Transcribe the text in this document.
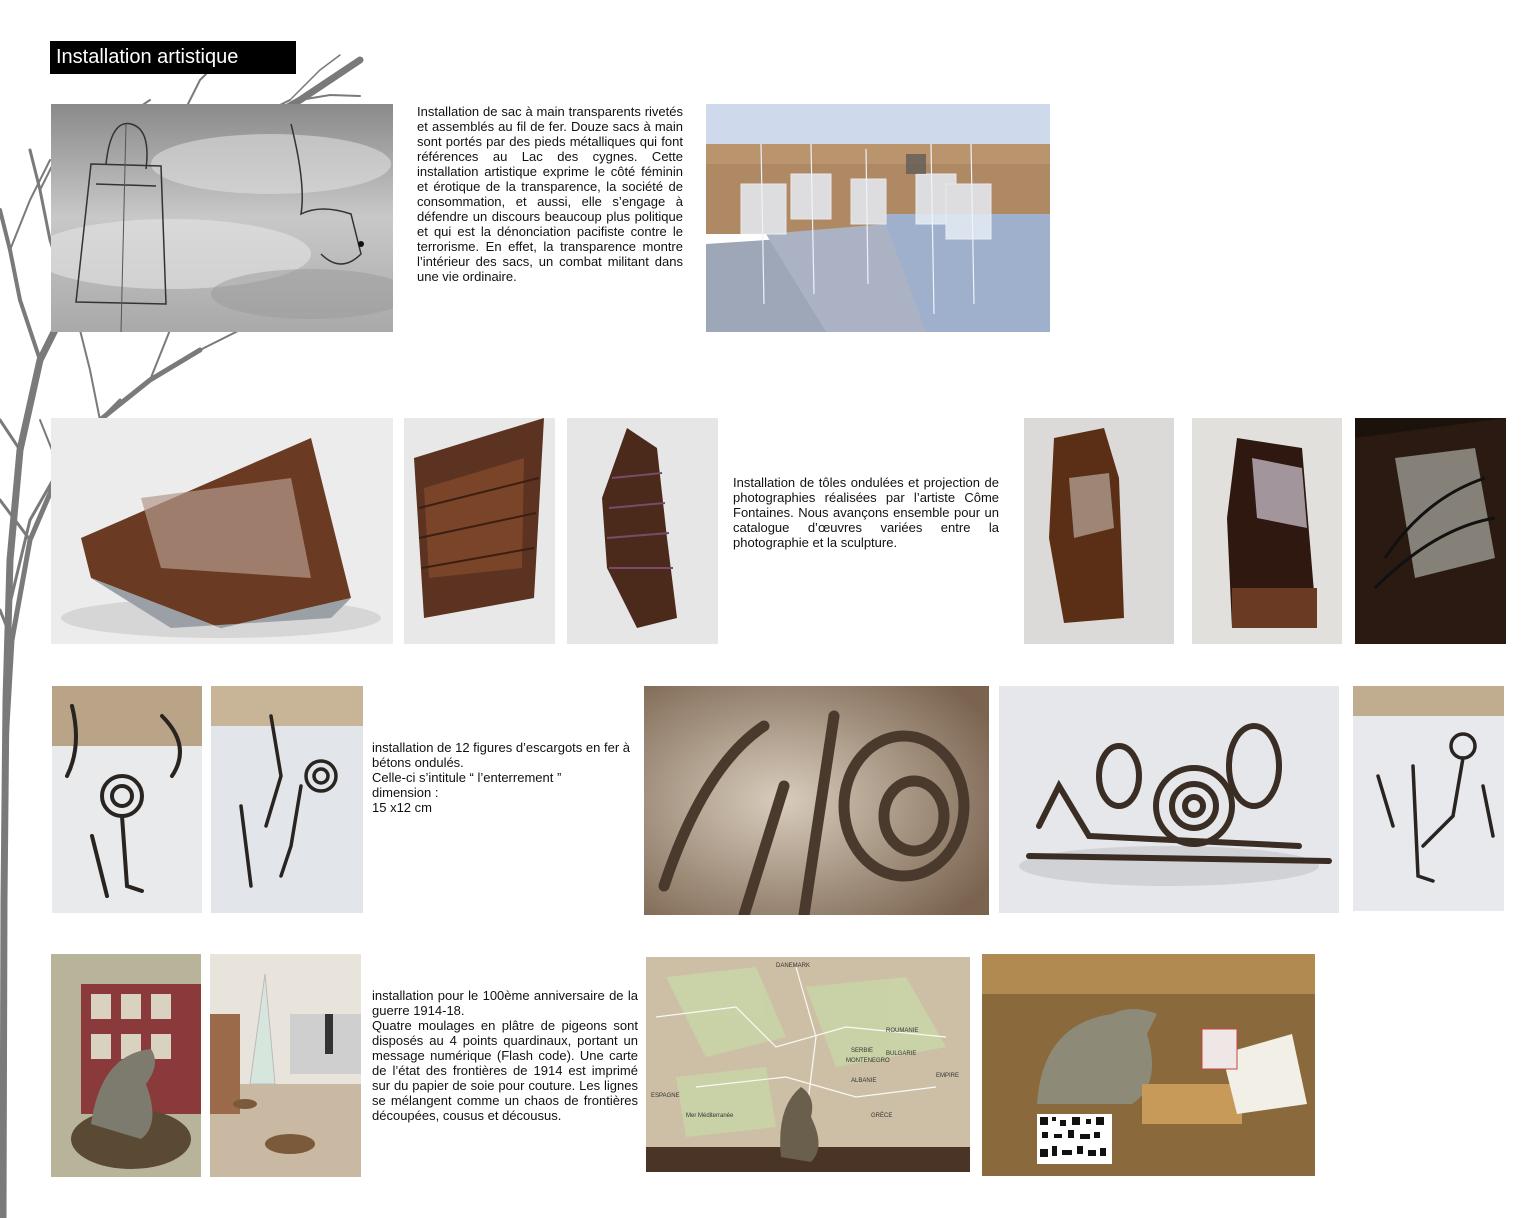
Installation artistique
Installation de sac à main transparents rivetés et assemblés au fil de fer. Douze sacs à main sont portés par des pieds métalliques qui font références au Lac des cygnes. Cette installation artistique exprime le côté féminin et érotique de la transparence, la société de consommation, et aussi, elle s’engage à défendre un discours beaucoup plus politique et qui est la dénonciation pacifiste contre le terrorisme. En effet, la transparence montre l’intérieur des sacs, un combat militant dans une vie ordinaire.
Installation de tôles ondulées et projection de photographies réalisées par l’artiste Côme Fontaines. Nous avançons ensemble pour un catalogue d’œuvres variées entre la photographie et la sculpture.
installation de 12 figures d’escargots en fer à bétons ondulés.
Celle-ci s’intitule “ l’enterrement ”
dimension :
15 x12 cm
installation pour le 100ème anniversaire de la guerre 1914-18.
Quatre moulages en plâtre de pigeons sont disposés au 4 points quardinaux, portant un message numérique (Flash code). Une carte de l’état des frontières de 1914 est imprimé sur du papier de soie pour couture. Les lignes se mélangent comme un chaos de frontières découpées, cousus et décousus.
DANEMARK
ESPAGNE
ROUMANIE
SERBIE BULGARIE
MONTENEGRO
ALBANIE
GRÈCE
Mer Méditerranée
EMPIRE
